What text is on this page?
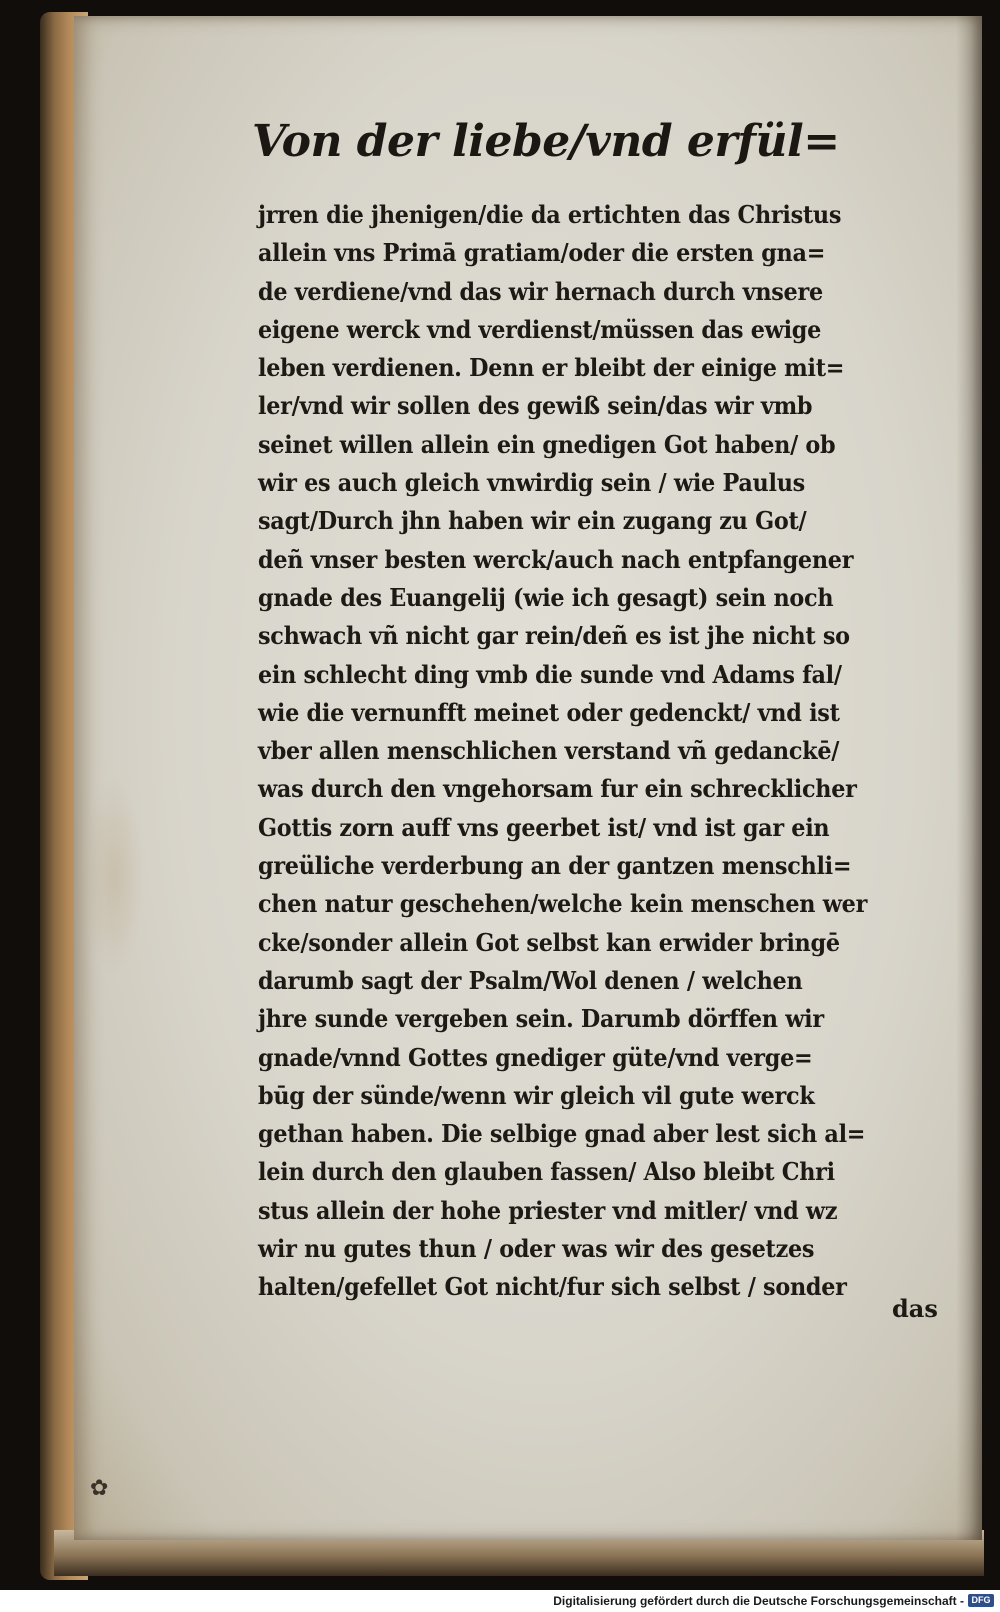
✿
Von der liebe/vnd erfül=
jrren die jhenigen/die da ertichten das Christus
allein vns Primā gratiam/oder die ersten gna=
de verdiene/vnd das wir hernach durch vnsere
eigene werck vnd verdienst/müssen das ewige
leben verdienen. Denn er bleibt der einige mit=
ler/vnd wir sollen des gewiß sein/das wir vmb
seinet willen allein ein gnedigen Got haben/ ob
wir es auch gleich vnwirdig sein / wie Paulus
sagt/Durch jhn haben wir ein zugang zu Got/
deñ vnser besten werck/auch nach entpfangener
gnade des Euangelij (wie ich gesagt) sein noch
schwach vñ nicht gar rein/deñ es ist jhe nicht so
ein schlecht ding vmb die sunde vnd Adams fal/
wie die vernunfft meinet oder gedenckt/ vnd ist
vber allen menschlichen verstand vñ gedanckē/
was durch den vngehorsam fur ein schrecklicher
Gottis zorn auff vns geerbet ist/ vnd ist gar ein
greüliche verderbung an der gantzen menschli=
chen natur geschehen/welche kein menschen wer
cke/sonder allein Got selbst kan erwider bringē
darumb sagt der Psalm/Wol denen / welchen
jhre sunde vergeben sein. Darumb dörffen wir
gnade/vnnd Gottes gnediger güte/vnd verge=
būg der sünde/wenn wir gleich vil gute werck
gethan haben. Die selbige gnad aber lest sich al=
lein durch den glauben fassen/ Also bleibt Chri
stus allein der hohe priester vnd mitler/ vnd wz
wir nu gutes thun / oder was wir des gesetzes
halten/gefellet Got nicht/fur sich selbst / sonder
das
Digitalisierung gefördert durch die Deutsche Forschungsgemeinschaft - DFG
